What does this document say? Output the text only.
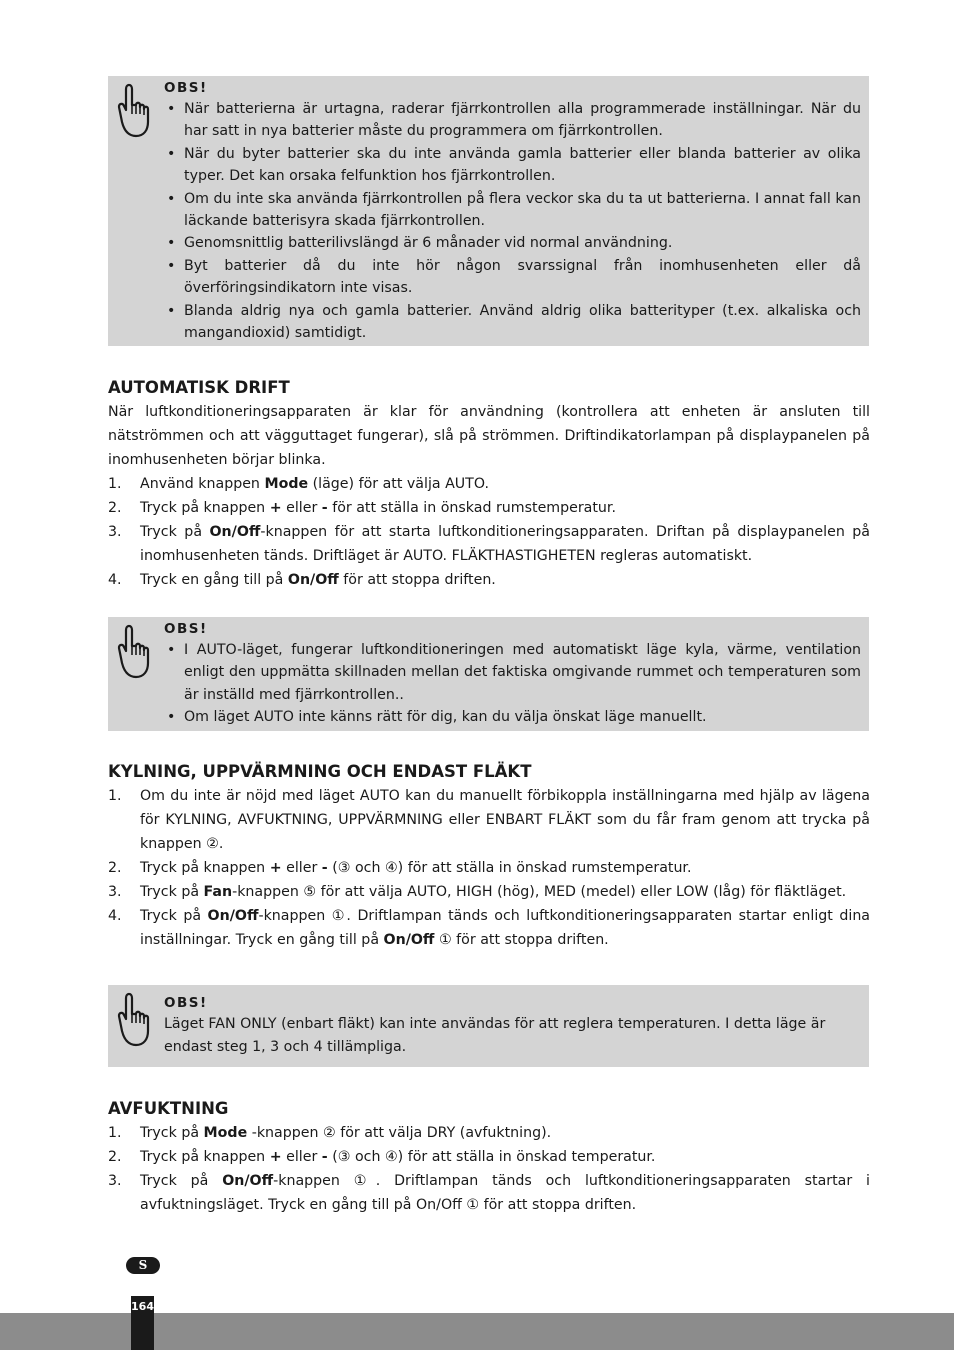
OBS!
• När batterierna är urtagna, raderar fjärrkontrollen alla programmerade inställningar. När du har satt in nya batterier måste du programmera om fjärrkontrollen.
• När du byter batterier ska du inte använda gamla batterier eller blanda batterier av olika typer. Det kan orsaka felfunktion hos fjärrkontrollen.
• Om du inte ska använda fjärrkontrollen på flera veckor ska du ta ut batterierna. I annat fall kan läckande batterisyra skada fjärrkontrollen.
• Genomsnittlig batterilivslängd är 6 månader vid normal användning.
• Byt batterier då du inte hör någon svarssignal från inomhusenheten eller då överföringsindikatorn inte visas.
• Blanda aldrig nya och gamla batterier. Använd aldrig olika batterityper (t.ex. alkaliska och mangandioxid) samtidigt.
AUTOMATISK DRIFT

När luftkonditioneringsapparaten är klar för användning (kontrollera att enheten är ansluten till nätströmmen och att vägguttaget fungerar), slå på strömmen. Driftindikatorlampan på displaypanelen på inomhusenheten börjar blinka.

1. Använd knappen Mode (läge) för att välja AUTO.
2. Tryck på knappen + eller - för att ställa in önskad rumstemperatur.
3. Tryck på On/Off-knappen för att starta luftkonditioneringsapparaten. Driftan på displaypanelen på inomhusenheten tänds. Driftläget är AUTO. FLÄKTHASTIGHETEN regleras automatiskt.
4. Tryck en gång till på On/Off för att stoppa driften.
OBS!
• I AUTO-läget, fungerar luftkonditioneringen med automatiskt läge kyla, värme, ventilation enligt den uppmätta skillnaden mellan det faktiska omgivande rummet och temperaturen som är inställd med fjärrkontrollen..
• Om läget AUTO inte känns rätt för dig, kan du välja önskat läge manuellt.
KYLNING, UPPVÄRMNING OCH ENDAST FLÄKT
1. Om du inte är nöjd med läget AUTO kan du manuellt förbikoppla inställningarna med hjälp av lägena för KYLNING, AVFUKTNING, UPPVÄRMNING eller ENBART FLÄKT som du får fram genom att trycka på knappen ②.
2. Tryck på knappen + eller - (③ och ④) för att ställa in önskad rumstemperatur.
3. Tryck på Fan-knappen ⑤ för att välja AUTO, HIGH (hög), MED (medel) eller LOW (låg) för fläktläget.
4. Tryck på On/Off-knappen ①. Driftlampan tänds och luftkonditioneringsapparaten startar enligt dina inställningar. Tryck en gång till på On/Off ① för att stoppa driften.
OBS!

Läget FAN ONLY (enbart fläkt) kan inte användas för att reglera temperaturen. I detta läge är endast steg 1, 3 och 4 tillämpliga.

AVFUKTNING
1. Tryck på Mode -knappen ② för att välja DRY (avfuktning).
2. Tryck på knappen + eller - (③ och ④) för att ställa in önskad temperatur.
3. Tryck på On/Off-knappen ①. Driftlampan tänds och luftkonditioneringsapparaten startar i avfuktningsläget. Tryck en gång till på On/Off ① för att stoppa driften.
S
164
